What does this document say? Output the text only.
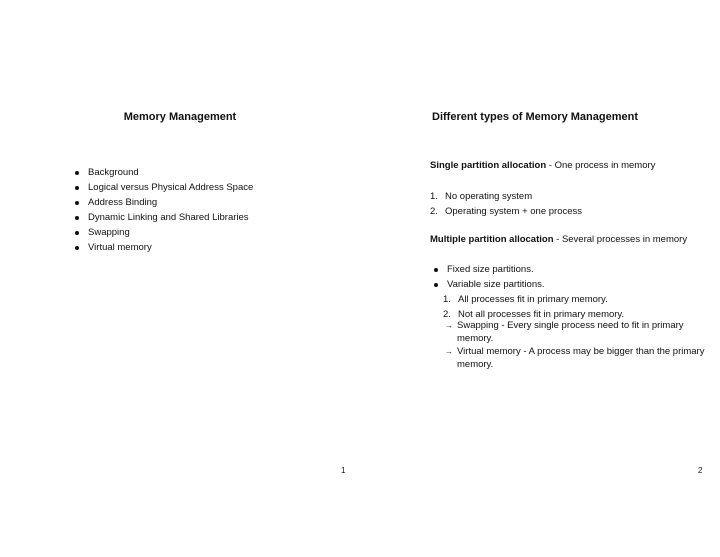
Memory Management
Background
Logical versus Physical Address Space
Address Binding
Dynamic Linking and Shared Libraries
Swapping
Virtual memory
1
Different types of Memory Management
Single partition allocation - One process in memory
1. No operating system
2. Operating system + one process
Multiple partition allocation - Several processes in memory
Fixed size partitions.
Variable size partitions.
1. All processes fit in primary memory.
2. Not all processes fit in primary memory.
→ Swapping - Every single process need to fit in primary memory.
→ Virtual memory - A process may be bigger than the primary memory.
2
